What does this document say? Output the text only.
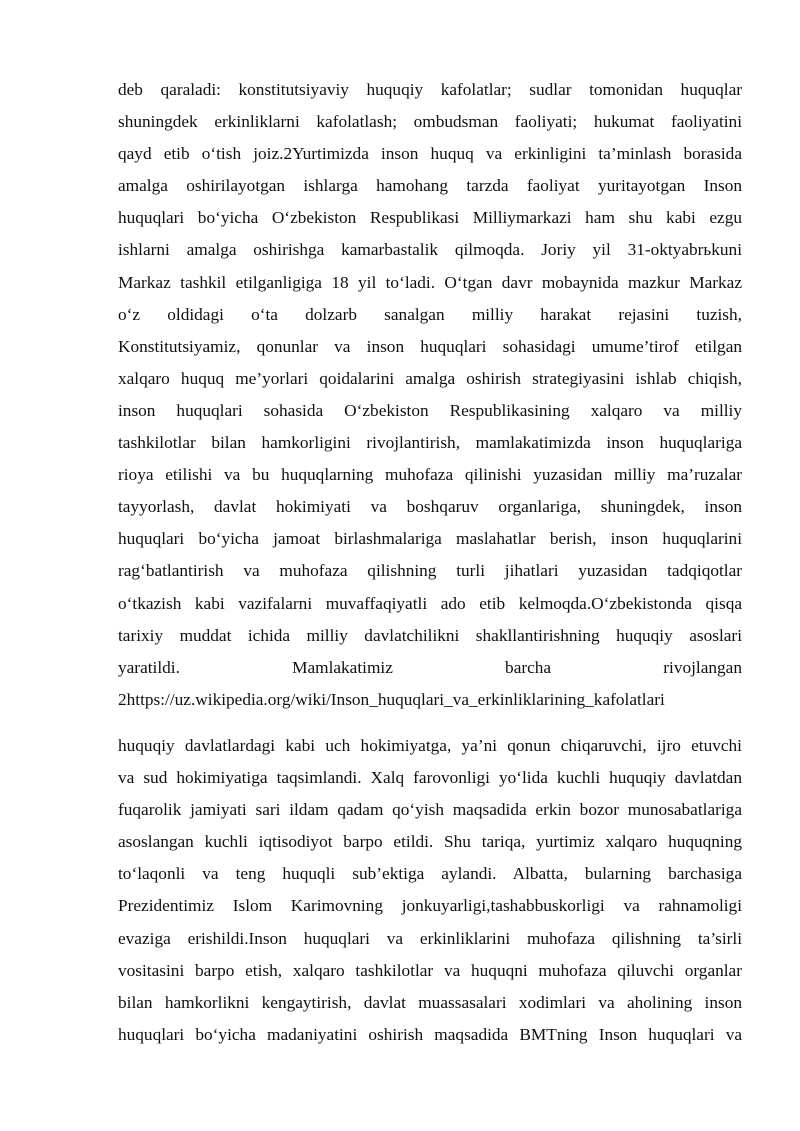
deb qaraladi: konstitutsiyaviy huquqiy kafolatlar; sudlar tomonidan huquqlar
shuningdek erkinliklarni kafolatlash; ombudsman faoliyati; hukumat faoliyatini
qayd etib o‘tish joiz.2Yurtimizda inson huquq va erkinligini ta’minlash borasida
amalga oshirilayotgan ishlarga hamohang tarzda faoliyat yuritayotgan Inson
huquqlari bo‘yicha O‘zbekiston Respublikasi Milliymarkazi ham shu kabi ezgu
ishlarni amalga oshirishga kamarbastalik qilmoqda. Joriy yil 31-oktyabrьkuni
Markaz tashkil etilganligiga 18 yil to‘ladi. O‘tgan davr mobaynida mazkur Markaz
o‘z oldidagi o‘ta dolzarb sanalgan milliy harakat rejasini tuzish,
Konstitutsiyamiz, qonunlar va inson huquqlari sohasidagi umume’tirof etilgan
xalqaro huquq me’yorlari qoidalarini amalga oshirish strategiyasini ishlab chiqish,
inson huquqlari sohasida O‘zbekiston Respublikasining xalqaro va milliy
tashkilotlar bilan hamkorligini rivojlantirish, mamlakatimizda inson huquqlariga
rioya etilishi va bu huquqlarning muhofaza qilinishi yuzasidan milliy ma’ruzalar
tayyorlash, davlat hokimiyati va boshqaruv organlariga, shuningdek, inson
huquqlari bo‘yicha jamoat birlashmalariga maslahatlar berish, inson huquqlarini
rag‘batlantirish va muhofaza qilishning turli jihatlari yuzasidan tadqiqotlar
o‘tkazish kabi vazifalarni muvaffaqiyatli ado etib kelmoqda.O‘zbekistonda qisqa
tarixiy muddat ichida milliy davlatchilikni shakllantirishning huquqiy asoslari
yaratildi. Mamlakatimiz barcha rivojlangan
2https://uz.wikipedia.org/wiki/Inson_huquqlari_va_erkinliklarining_kafolatlari
huquqiy davlatlardagi kabi uch hokimiyatga, ya’ni qonun chiqaruvchi, ijro etuvchi
va sud hokimiyatiga taqsimlandi. Xalq farovonligi yo‘lida kuchli huquqiy davlatdan
fuqarolik jamiyati sari ildam qadam qo‘yish maqsadida erkin bozor munosabatlariga
asoslangan kuchli iqtisodiyot barpo etildi. Shu tariqa, yurtimiz xalqaro huquqning
to‘laqonli va teng huquqli sub’ektiga aylandi. Albatta, bularning barchasiga
Prezidentimiz Islom Karimovning jonkuyarligi,tashabbuskorligi va rahnamoligi
evaziga erishildi.Inson huquqlari va erkinliklarini muhofaza qilishning ta’sirli
vositasini barpo etish, xalqaro tashkilotlar va huquqni muhofaza qiluvchi organlar
bilan hamkorlikni kengaytirish, davlat muassasalari xodimlari va aholining inson
huquqlari bo‘yicha madaniyatini oshirish maqsadida BMTning Inson huquqlari va
